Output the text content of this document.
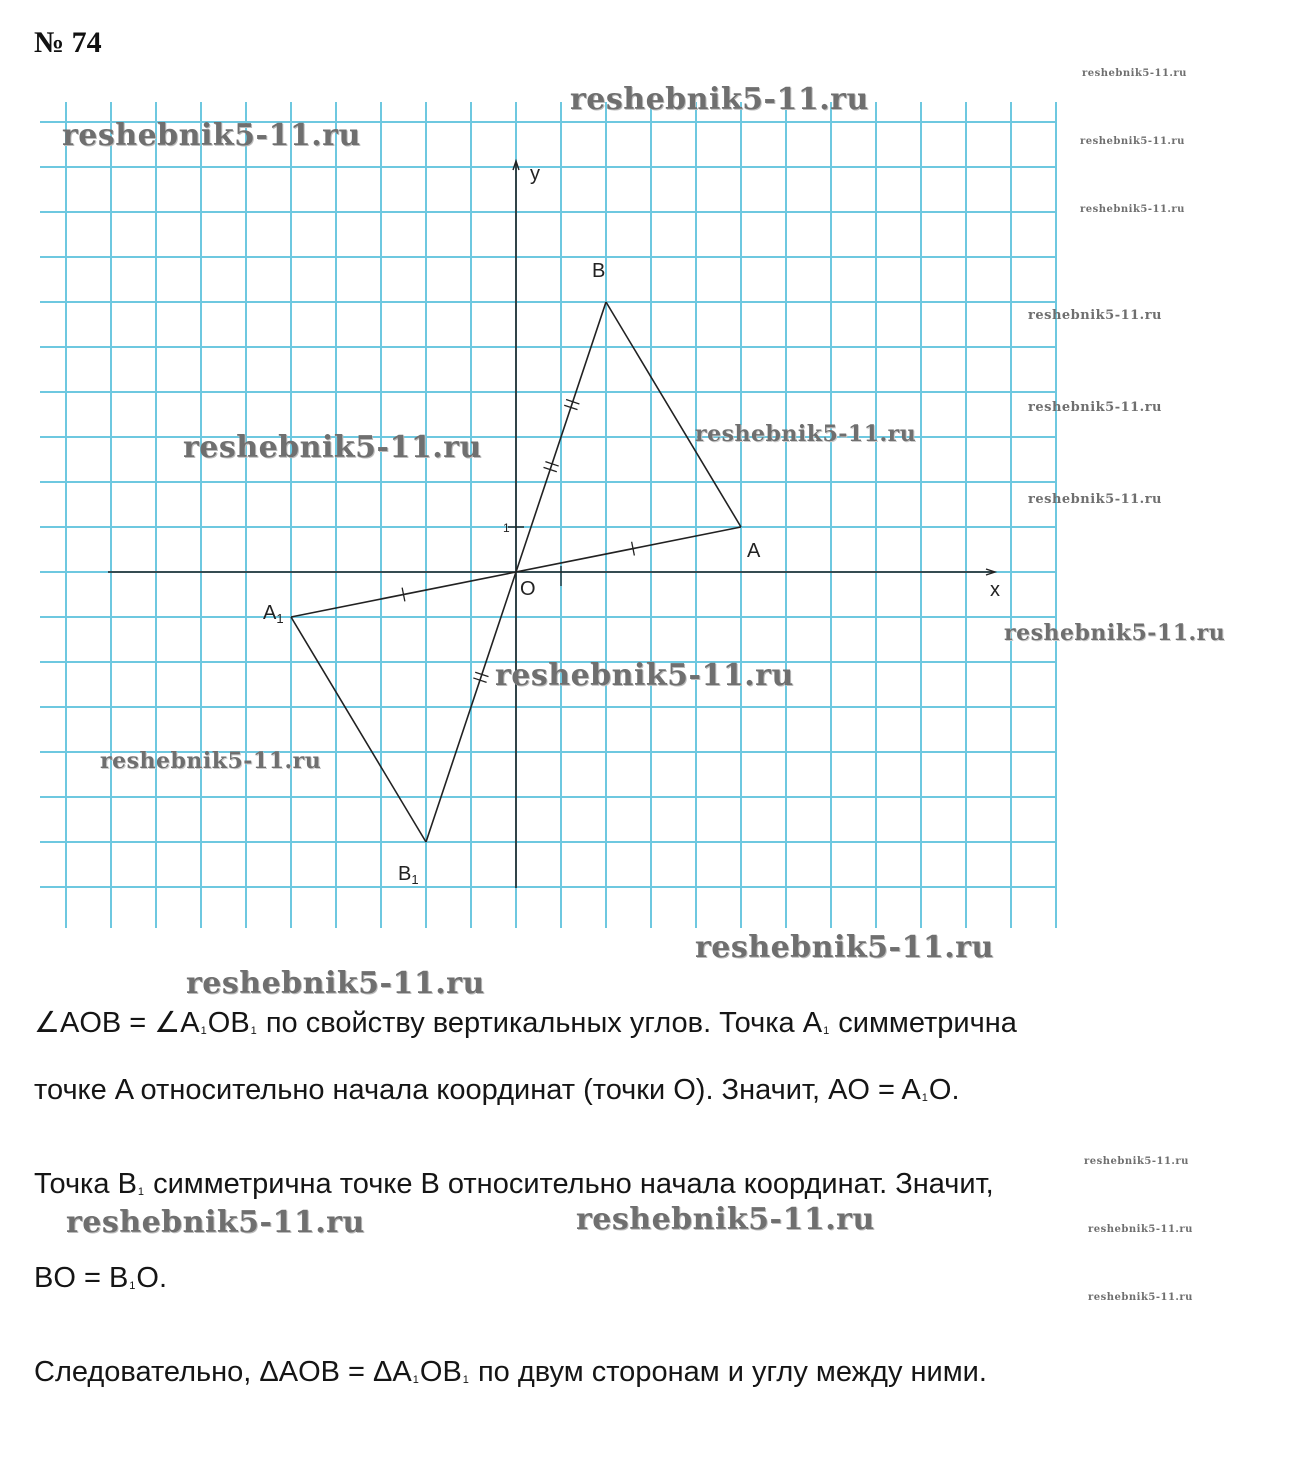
№ 74
x
y
O
1
A
B
$A_1$
$B_1$
reshebnik5-11.ru
reshebnik5-11.ru
reshebnik5-11.ru	reshebnik5-11.ru
reshebnik5-11.ru
reshebnik5-11.ru
reshebnik5-11.ru
reshebnik5-11.ru
reshebnik5-11.ru	reshebnik5-11.ru
reshebnik5-11.ru
reshebnik5-11.ru
reshebnik5-11.ru
reshebnik5-11.ru
reshebnik5-11.ru
reshebnik5-11.ru
reshebnik5-11.ru
reshebnik5-11.ru
reshebnik5-11.ru
reshebnik5-11.ru
∠AOB = $\angle A_1OB_1$ по свойству вертикальных углов. Точка $A_1$ симметрична
точке A относительно начала координат (точки O). Значит, AO = $A_1O$.
Точка $B_1$ симметрична точке B относительно начала координат. Значит,
BO = $B_1O$.
Следовательно, $\Delta AOB = \Delta A_1OB_1$ по двум сторонам и углу между ними.
